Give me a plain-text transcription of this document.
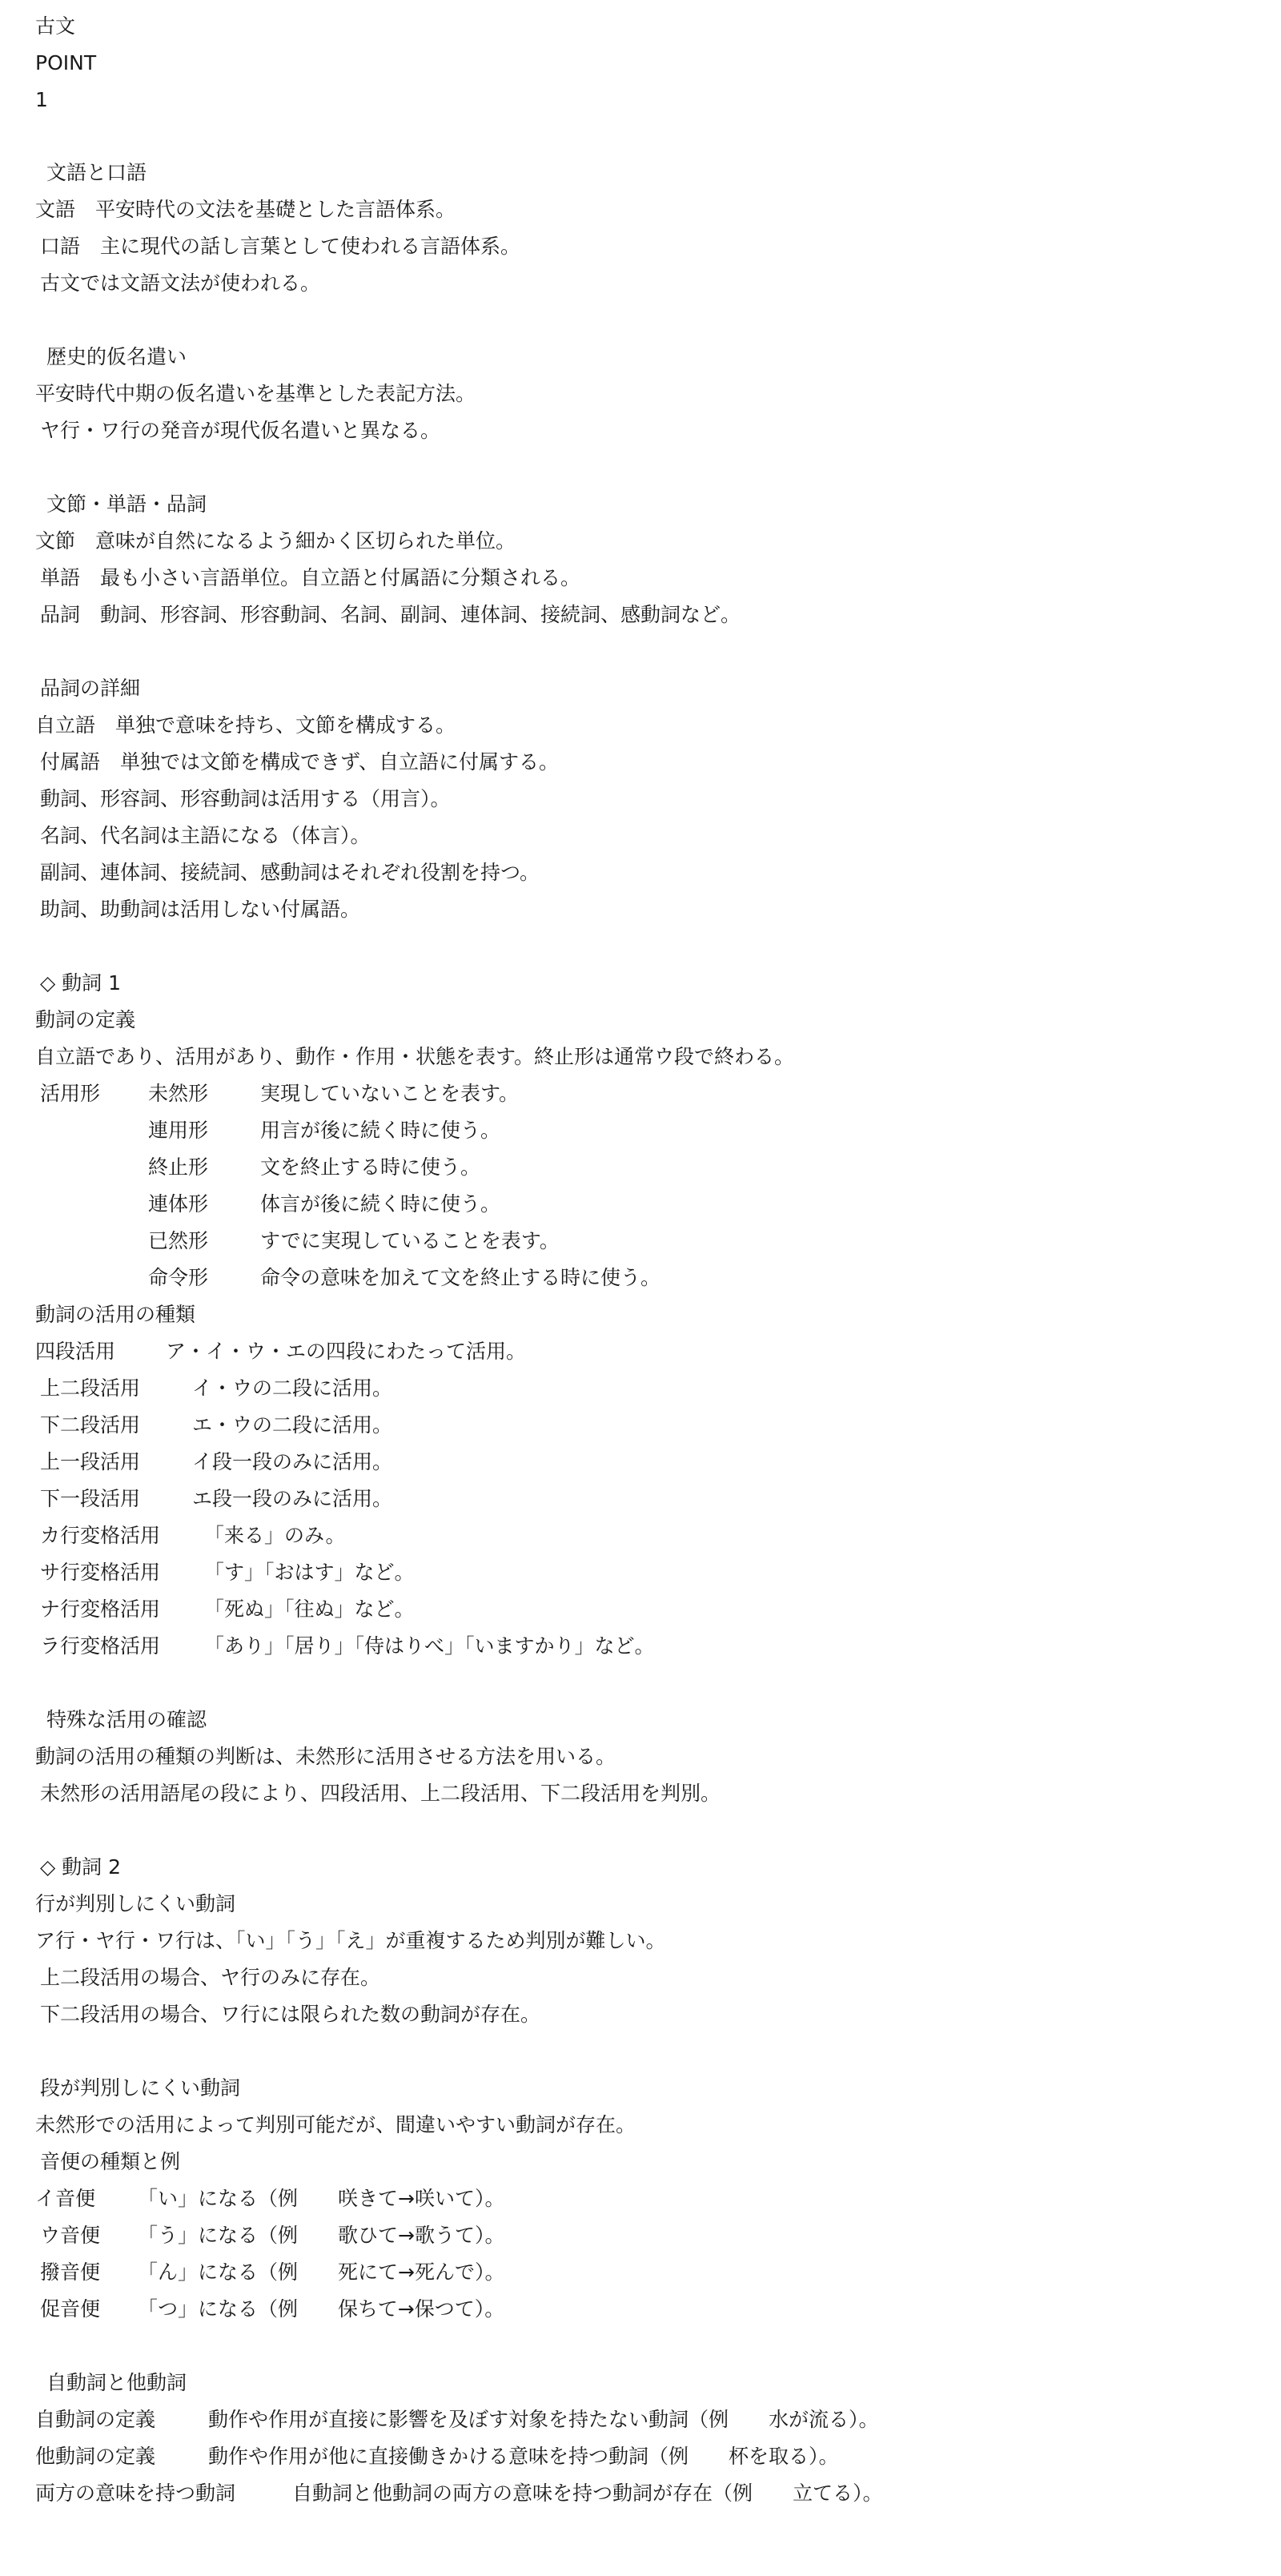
古文
POINT
1
文語と口語
文語　平安時代の文法を基礎とした言語体系。
口語　主に現代の話し言葉として使われる言語体系。
古文では文語文法が使われる。
歴史的仮名遣い
平安時代中期の仮名遣いを基準とした表記方法。
ヤ行・ワ行の発音が現代仮名遣いと異なる。
文節・単語・品詞
文節　意味が自然になるよう細かく区切られた単位。
単語　最も小さい言語単位。自立語と付属語に分類される。
品詞　動詞、形容詞、形容動詞、名詞、副詞、連体詞、接続詞、感動詞など。
品詞の詳細
自立語　単独で意味を持ち、文節を構成する。
付属語　単独では文節を構成できず、自立語に付属する。
動詞、形容詞、形容動詞は活用する（用言）。
名詞、代名詞は主語になる（体言）。
副詞、連体詞、接続詞、感動詞はそれぞれ役割を持つ。
助詞、助動詞は活用しない付属語。
◇ 動詞 1
動詞の定義
自立語であり、活用があり、動作・作用・状態を表す。終止形は通常ウ段で終わる。
活用形 未然形	実現していないことを表す。
連用形	用言が後に続く時に使う。
終止形	文を終止する時に使う。
連体形	体言が後に続く時に使う。
已然形	すでに実現していることを表す。
命令形	命令の意味を加えて文を終止する時に使う。
動詞の活用の種類
四段活用	ア・イ・ウ・エの四段にわたって活用。
上二段活用	イ・ウの二段に活用。
下二段活用	エ・ウの二段に活用。
上一段活用	イ段一段のみに活用。
下一段活用	エ段一段のみに活用。
カ行変格活用 「来る」のみ。
サ行変格活用 「す」「おはす」など。
ナ行変格活用 「死ぬ」「往ぬ」など。
ラ行変格活用 「あり」「居り」「侍はりべ」「いますかり」など。
特殊な活用の確認
動詞の活用の種類の判断は、未然形に活用させる方法を用いる。
未然形の活用語尾の段により、四段活用、上二段活用、下二段活用を判別。
◇ 動詞 2
行が判別しにくい動詞
ア行・ヤ行・ワ行は、「い」「う」「え」が重複するため判別が難しい。
上二段活用の場合、ヤ行のみに存在。
下二段活用の場合、ワ行には限られた数の動詞が存在。
段が判別しにくい動詞
未然形での活用によって判別可能だが、間違いやすい動詞が存在。
音便の種類と例
イ音便 「い」になる（例　　咲きて→咲いて）。
ウ音便 「う」になる（例　　歌ひて→歌うて）。
撥音便 「ん」になる（例　　死にて→死んで）。
促音便 「つ」になる（例　　保ちて→保つて）。
自動詞と他動詞
自動詞の定義	動作や作用が直接に影響を及ぼす対象を持たない動詞（例　　水が流る）。
他動詞の定義	動作や作用が他に直接働きかける意味を持つ動詞（例　　杯を取る）。
両方の意味を持つ動詞	自動詞と他動詞の両方の意味を持つ動詞が存在（例　　立てる）。
